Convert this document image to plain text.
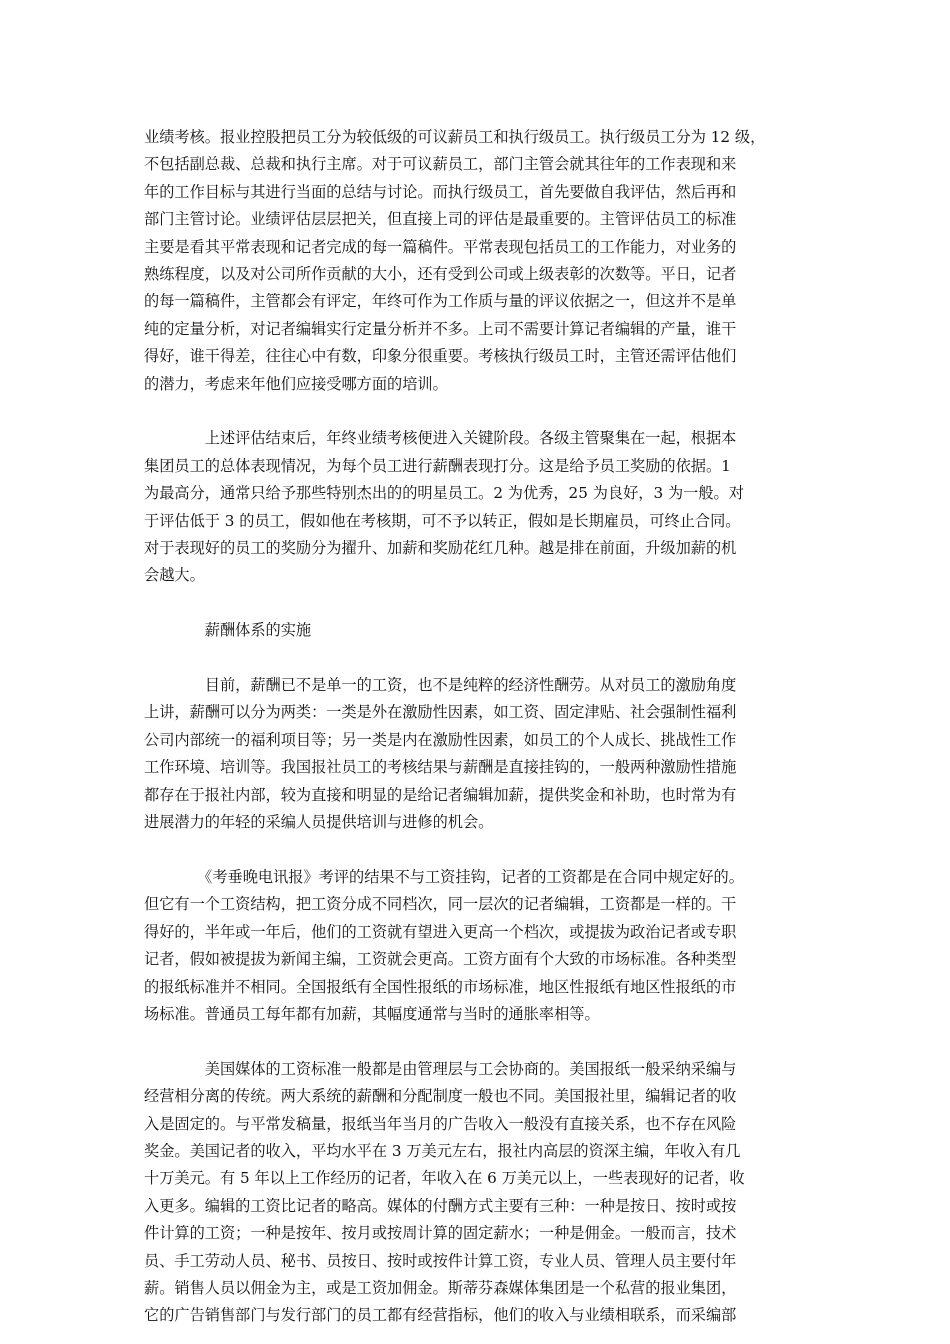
业绩考核。报业控股把员工分为较低级的可议薪员工和执行级员工。执行级员工分为 12 级，

不包括副总裁、总裁和执行主席。对于可议薪员工，部门主管会就其往年的工作表现和来

年的工作目标与其进行当面的总结与讨论。而执行级员工，首先要做自我评估，然后再和

部门主管讨论。业绩评估层层把关，但直接上司的评估是最重要的。主管评估员工的标准

主要是看其平常表现和记者完成的每一篇稿件。平常表现包括员工的工作能力，对业务的

熟练程度，以及对公司所作贡献的大小，还有受到公司或上级表彰的次数等。平日，记者

的每一篇稿件，主管都会有评定，年终可作为工作质与量的评议依据之一，但这并不是单

纯的定量分析，对记者编辑实行定量分析并不多。上司不需要计算记者编辑的产量，谁干

得好，谁干得差，往往心中有数，印象分很重要。考核执行级员工时，主管还需评估他们

的潜力，考虑来年他们应接受哪方面的培训。

　　　　上述评估结束后，年终业绩考核便进入关键阶段。各级主管聚集在一起，根据本

集团员工的总体表现情况，为每个员工进行薪酬表现打分。这是给予员工奖励的依据。1

为最高分，通常只给予那些特别杰出的的明星员工。2 为优秀，25 为良好，3 为一般。对

于评估低于 3 的员工，假如他在考核期，可不予以转正，假如是长期雇员，可终止合同。

对于表现好的员工的奖励分为擢升、加薪和奖励花红几种。越是排在前面，升级加薪的机

会越大。

　　　　薪酬体系的实施

　　　　目前，薪酬已不是单一的工资，也不是纯粹的经济性酬劳。从对员工的激励角度

上讲，薪酬可以分为两类：一类是外在激励性因素，如工资、固定津贴、社会强制性福利

公司内部统一的福利项目等；另一类是内在激励性因素，如员工的个人成长、挑战性工作

工作环境、培训等。我国报社员工的考核结果与薪酬是直接挂钩的，一般两种激励性措施

都存在于报社内部，较为直接和明显的是给记者编辑加薪，提供奖金和补助，也时常为有

进展潜力的年轻的采编人员提供培训与进修的机会。

　　　　《考垂晚电讯报》考评的结果不与工资挂钩，记者的工资都是在合同中规定好的。

但它有一个工资结构，把工资分成不同档次，同一层次的记者编辑，工资都是一样的。干

得好的，半年或一年后，他们的工资就有望进入更高一个档次，或提拔为政治记者或专职

记者，假如被提拔为新闻主编，工资就会更高。工资方面有个大致的市场标准。各种类型

的报纸标准并不相同。全国报纸有全国性报纸的市场标准，地区性报纸有地区性报纸的市

场标准。普通员工每年都有加薪，其幅度通常与当时的通胀率相等。

　　　　美国媒体的工资标准一般都是由管理层与工会协商的。美国报纸一般采纳采编与

经营相分离的传统。两大系统的薪酬和分配制度一般也不同。美国报社里，编辑记者的收

入是固定的。与平常发稿量，报纸当年当月的广告收入一般没有直接关系，也不存在风险

奖金。美国记者的收入，平均水平在 3 万美元左右，报社内高层的资深主编，年收入有几

十万美元。有 5 年以上工作经历的记者，年收入在 6 万美元以上，一些表现好的记者，收

入更多。编辑的工资比记者的略高。媒体的付酬方式主要有三种：一种是按日、按时或按

件计算的工资；一种是按年、按月或按周计算的固定薪水；一种是佣金。一般而言，技术

员、手工劳动人员、秘书、员按日、按时或按件计算工资，专业人员、管理人员主要付年

薪。销售人员以佣金为主，或是工资加佣金。斯蒂芬森媒体集团是一个私营的报业集团，

它的广告销售部门与发行部门的员工都有经营指标，他们的收入与业绩相联系，而采编部
